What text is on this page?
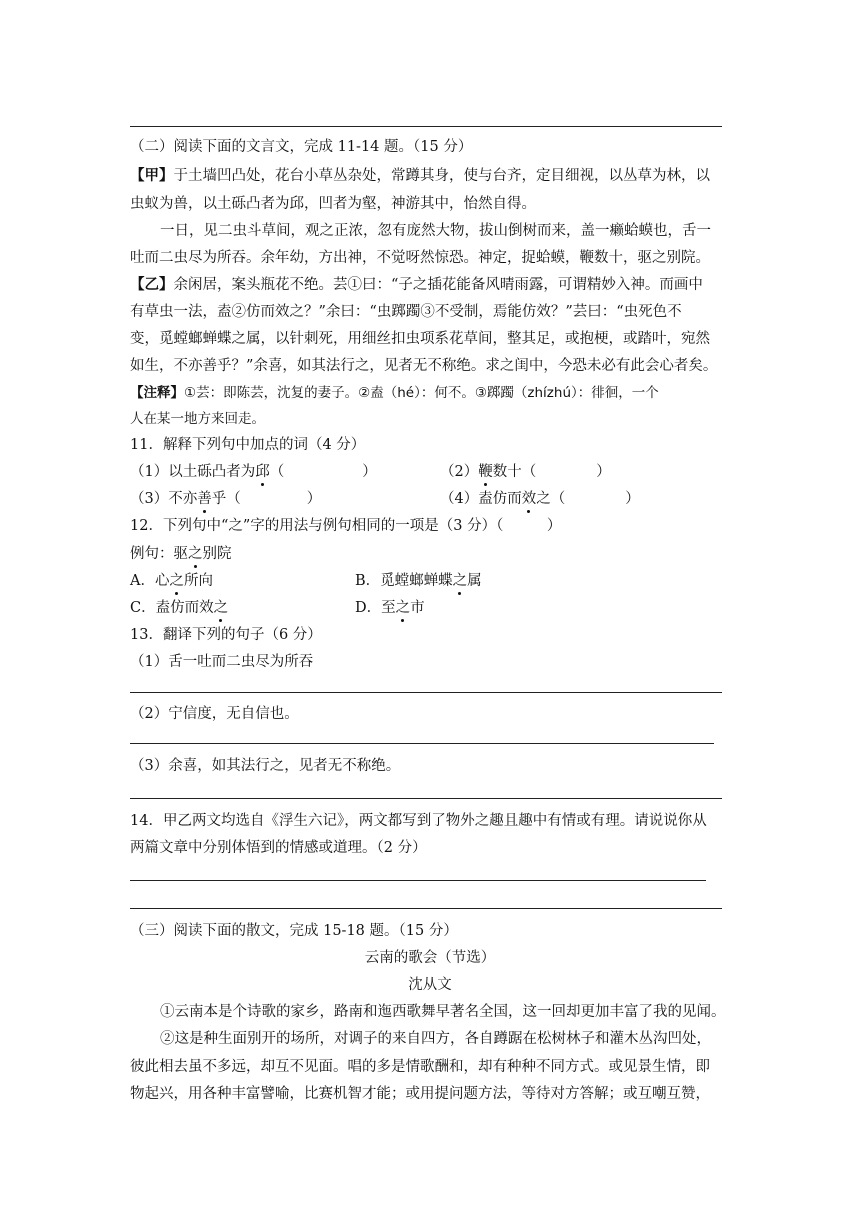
（二）阅读下面的文言文，完成 11-14 题。（15 分）
【甲】于土墙凹凸处，花台小草丛杂处，常蹲其身，使与台齐，定目细视，以丛草为林，以
虫蚁为兽，以土砾凸者为邱，凹者为壑，神游其中，怡然自得。
一日，见二虫斗草间，观之正浓，忽有庞然大物，拔山倒树而来，盖一癞蛤蟆也，舌一
吐而二虫尽为所吞。余年幼，方出神，不觉呀然惊恐。神定，捉蛤蟆，鞭数十，驱之别院。
【乙】余闲居，案头瓶花不绝。芸①曰：“子之插花能备风晴雨露，可谓精妙入神。而画中
有草虫一法，盍②仿而效之？”余曰：“虫踯躅③不受制，焉能仿效？”芸曰：“虫死色不
变，觅螳螂蝉蝶之属，以针刺死，用细丝扣虫项系花草间，整其足，或抱梗，或踏叶，宛然
如生，不亦善乎？”余喜，如其法行之，见者无不称绝。求之闺中，今恐未必有此会心者矣。
【注释】①芸：即陈芸，沈复的妻子。②盍（hé）：何不。③踯躅（zhízhú）：徘徊，一个
人在某一地方来回走。
11．解释下列句中加点的词（4 分）
（1）以土砾凸者为邱（	）	（2）鞭数十（	）
（3）不亦善乎（	）	（4）盍仿而效之（	）
12．下列句中“之”字的用法与例句相同的一项是（3 分）（　　　）
例句：驱之别院
A．心之所向	B．觅螳螂蝉蝶之属
C．盍仿而效之	D．至之市
13．翻译下列的句子（6 分）
（1）舌一吐而二虫尽为所吞
（2）宁信度，无自信也。
（3）余喜，如其法行之，见者无不称绝。
14．甲乙两文均选自《浮生六记》，两文都写到了物外之趣且趣中有情或有理。请说说你从
两篇文章中分别体悟到的情感或道理。（2 分）
（三）阅读下面的散文，完成 15-18 题。（15 分）
云南的歌会（节选）
沈从文
①云南本是个诗歌的家乡，路南和迤西歌舞早著名全国，这一回却更加丰富了我的见闻。
②这是种生面别开的场所，对调子的来自四方，各自蹲踞在松树林子和灌木丛沟凹处，
彼此相去虽不多远，却互不见面。唱的多是情歌酬和，却有种种不同方式。或见景生情，即
物起兴，用各种丰富譬喻，比赛机智才能；或用提问题方法，等待对方答解；或互嘲互赞，
